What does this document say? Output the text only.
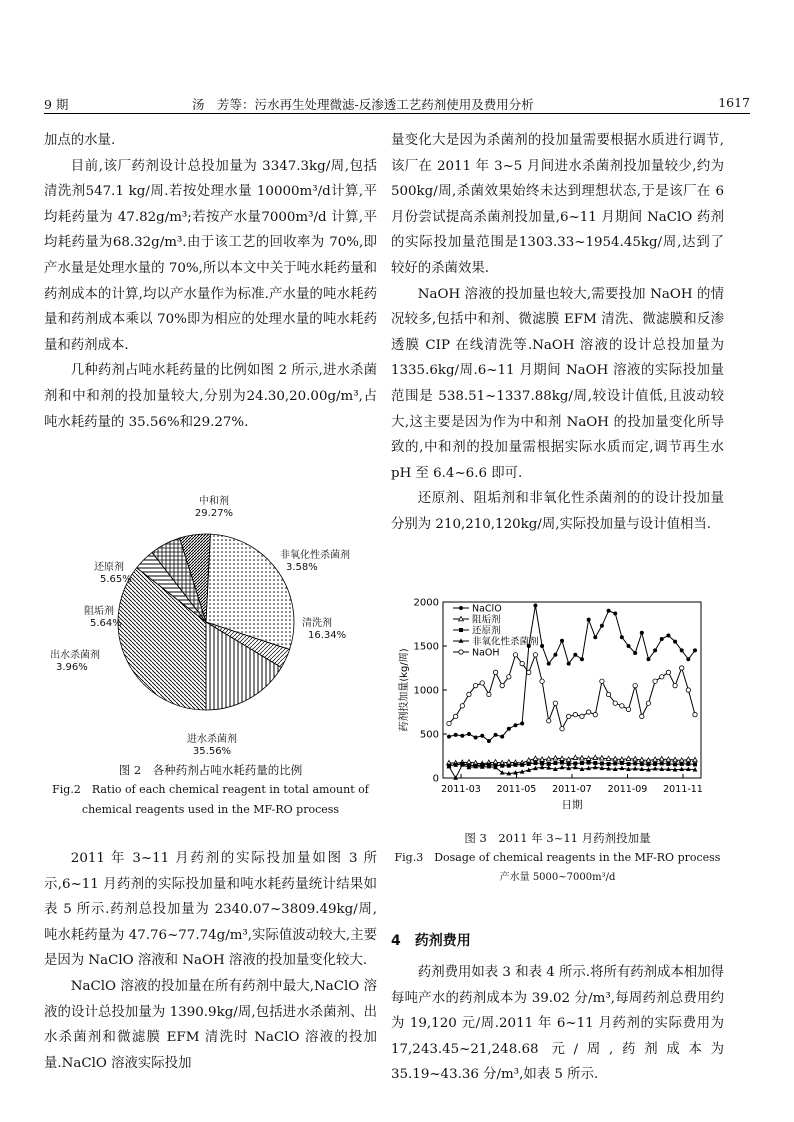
9 期	汤　芳等：污水再生处理微滤-反渗透工艺药剂使用及费用分析	1617

加点的水量.

目前,该厂药剂设计总投加量为 3347.3kg/周,包括清洗剂547.1 kg/周.若按处理水量 10000m³/d计算,平均耗药量为 47.82g/m³;若按产水量7000m³/d 计算,平均耗药量为68.32g/m³.由于该工艺的回收率为 70%,即产水量是处理水量的 70%,所以本文中关于吨水耗药量和药剂成本的计算,均以产水量作为标准.产水量的吨水耗药量和药剂成本乘以 70%即为相应的处理水量的吨水耗药量和药剂成本.

几种药剂占吨水耗药量的比例如图 2 所示,进水杀菌剂和中和剂的投加量较大,分别为24.30,20.00g/m³,占吨水耗药量的 35.56%和29.27%.

中和剂
29.27%
非氧化性杀菌剂
3.58%
清洗剂
16.34%
进水杀菌剂
35.56%
出水杀菌剂
3.96%
阻垢剂
5.64%
还原剂
5.65%
图 2　各种药剂占吨水耗药量的比例
Fig.2　Ratio of each chemical reagent in total amount of
chemical reagents used in the MF-RO process

2011 年 3~11 月药剂的实际投加量如图 3 所示,6~11 月药剂的实际投加量和吨水耗药量统计结果如表 5 所示.药剂总投加量为 2340.07~3809.49kg/周,吨水耗药量为 47.76~77.74g/m³,实际值波动较大,主要是因为 NaClO 溶液和 NaOH 溶液的投加量变化较大.

NaClO 溶液的投加量在所有药剂中最大,NaClO 溶液的设计总投加量为 1390.9kg/周,包括进水杀菌剂、出水杀菌剂和微滤膜 EFM 清洗时 NaClO 溶液的投加量.NaClO 溶液实际投加

量变化大是因为杀菌剂的投加量需要根据水质进行调节,该厂在 2011 年 3~5 月间进水杀菌剂投加量较少,约为 500kg/周,杀菌效果始终未达到理想状态,于是该厂在 6 月份尝试提高杀菌剂投加量,6~11 月期间 NaClO 药剂的实际投加量范围是1303.33~1954.45kg/周,达到了较好的杀菌效果.

NaOH 溶液的投加量也较大,需要投加 NaOH 的情况较多,包括中和剂、微滤膜 EFM 清洗、微滤膜和反渗透膜 CIP 在线清洗等.NaOH 溶液的设计总投加量为 1335.6kg/周.6~11 月期间 NaOH 溶液的实际投加量范围是 538.51~1337.88kg/周,较设计值低,且波动较大,这主要是因为作为中和剂 NaOH 的投加量变化所导致的,中和剂的投加量需根据实际水质而定,调节再生水 pH 至 6.4~6.6 即可.

还原剂、阻垢剂和非氧化性杀菌剂的的设计投加量分别为 210,210,120kg/周,实际投加量与设计值相当.

0
500
1000
1500
2000
2011-03 2011-05 2011-07 2011-09 2011-11
日期
药剂投加量(kg/周)
NaClO
阻垢剂
还原剂
非氧化性杀菌剂
NaOH
图 3　2011 年 3~11 月药剂投加量
Fig.3　Dosage of chemical reagents in the MF-RO process
产水量 5000~7000m³/d
4　药剂费用

药剂费用如表 3 和表 4 所示.将所有药剂成本相加得每吨产水的药剂成本为 39.02 分/m³,每周药剂总费用约为 19,120 元/周.2011 年 6~11 月药剂的实际费用为 17,243.45~21,248.68 元/周,药剂成本为 35.19~43.36 分/m³,如表 5 所示.
